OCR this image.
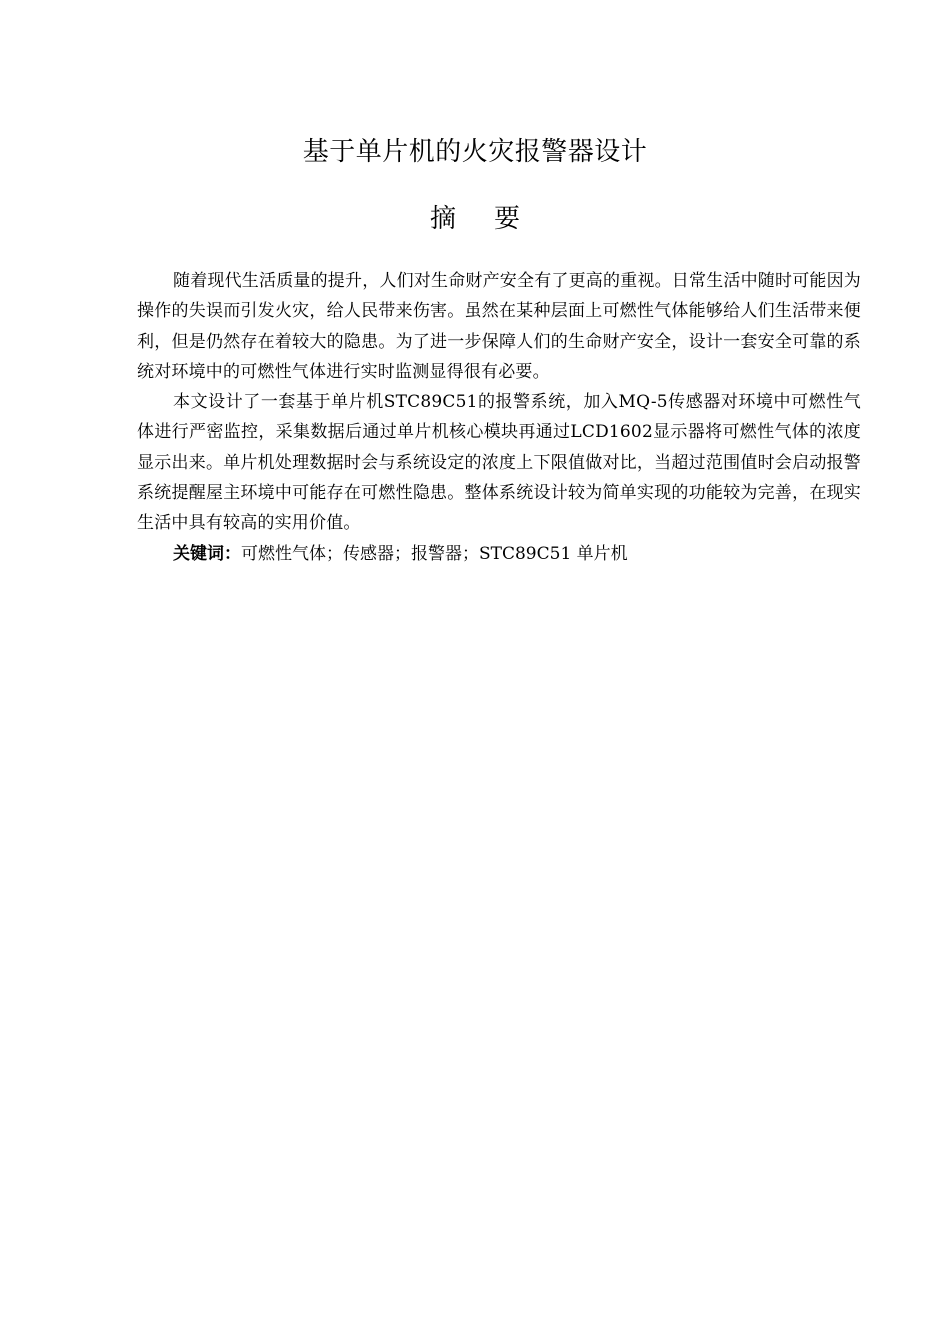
基于单片机的火灾报警器设计
摘 要

随着现代生活质量的提升，人们对生命财产安全有了更高的重视。日常生活中随时可能因为操作的失误而引发火灾，给人民带来伤害。虽然在某种层面上可燃性气体能够给人们生活带来便利，但是仍然存在着较大的隐患。为了进一步保障人们的生命财产安全，设计一套安全可靠的系统对环境中的可燃性气体进行实时监测显得很有必要。

本文设计了一套基于单片机STC89C51的报警系统，加入MQ-5传感器对环境中可燃性气体进行严密监控，采集数据后通过单片机核心模块再通过LCD1602显示器将可燃性气体的浓度显示出来。单片机处理数据时会与系统设定的浓度上下限值做对比，当超过范围值时会启动报警系统提醒屋主环境中可能存在可燃性隐患。整体系统设计较为简单实现的功能较为完善，在现实生活中具有较高的实用价值。

关键词：可燃性气体；传感器；报警器；STC89C51 单片机
